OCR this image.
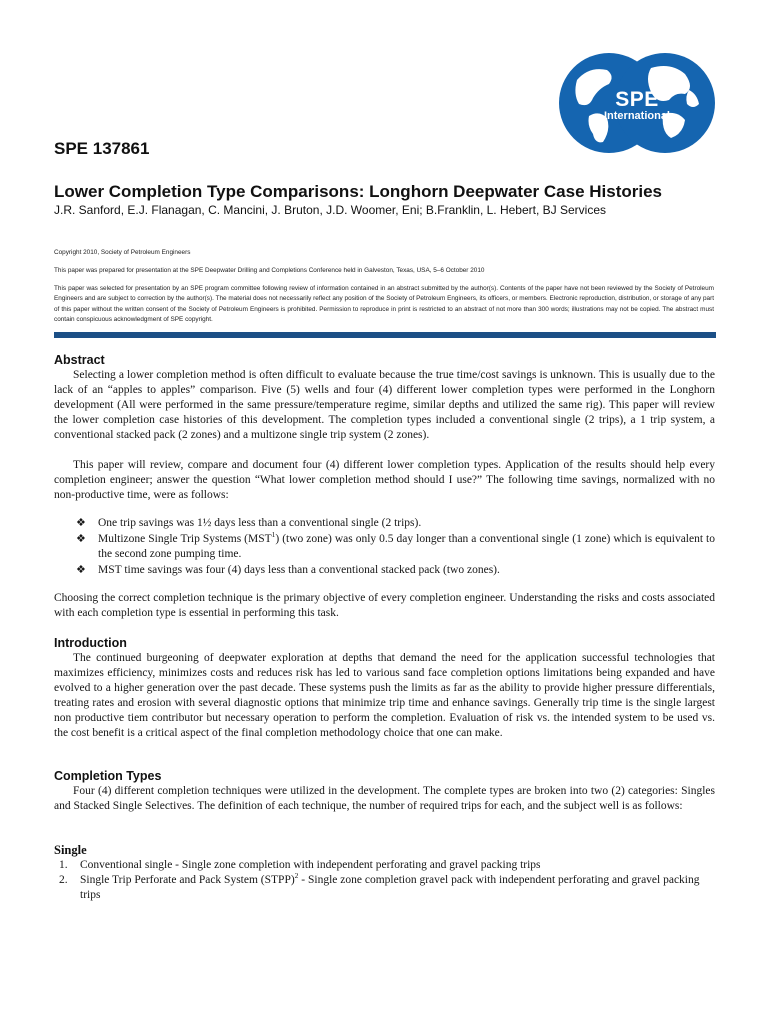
SPE
International
SPE 137861
Lower Completion Type Comparisons: Longhorn Deepwater Case Histories
J.R. Sanford, E.J. Flanagan, C. Mancini, J. Bruton, J.D. Woomer, Eni; B.Franklin, L. Hebert, BJ Services
Copyright 2010, Society of Petroleum Engineers
This paper was prepared for presentation at the SPE Deepwater Drilling and Completions Conference held in Galveston, Texas, USA, 5–6 October 2010
This paper was selected for presentation by an SPE program committee following review of information contained in an abstract submitted by the author(s). Contents of the paper have not been reviewed by the Society of Petroleum Engineers and are subject to correction by the author(s). The material does not necessarily reflect any position of the Society of Petroleum Engineers, its officers, or members. Electronic reproduction, distribution, or storage of any part of this paper without the written consent of the Society of Petroleum Engineers is prohibited. Permission to reproduce in print is restricted to an abstract of not more than 300 words; illustrations may not be copied. The abstract must contain conspicuous acknowledgment of SPE copyright.
Abstract
Selecting a lower completion method is often difficult to evaluate because the true time/cost savings is unknown. This is usually due to the lack of an “apples to apples” comparison. Five (5) wells and four (4) different lower completion types were performed in the Longhorn development (All were performed in the same pressure/temperature regime, similar depths and utilized the same rig). This paper will review the lower completion case histories of this development. The completion types included a conventional single (2 trips), a 1 trip system, a conventional stacked pack (2 zones) and a multizone single trip system (2 zones).
This paper will review, compare and document four (4) different lower completion types. Application of the results should help every completion engineer; answer the question “What lower completion method should I use?” The following time savings, normalized with no non-productive time, were as follows:
❖ One trip savings was 1½ days less than a conventional single (2 trips).
❖ Multizone Single Trip Systems (MST$^1$) (two zone) was only 0.5 day longer than a conventional single (1 zone) which is equivalent to the second zone pumping time.
❖ MST time savings was four (4) days less than a conventional stacked pack (two zones).
Choosing the correct completion technique is the primary objective of every completion engineer. Understanding the risks and costs associated with each completion type is essential in performing this task.
Introduction
The continued burgeoning of deepwater exploration at depths that demand the need for the application successful technologies that maximizes efficiency, minimizes costs and reduces risk has led to various sand face completion options limitations being expanded and have evolved to a higher generation over the past decade. These systems push the limits as far as the ability to provide higher pressure differentials, treating rates and erosion with several diagnostic options that minimize trip time and enhance savings. Generally trip time is the single largest non productive tiem contributor but necessary operation to perform the completion. Evaluation of risk vs. the intended system to be used vs. the cost benefit is a critical aspect of the final completion methodology choice that one can make.
Completion Types
Four (4) different completion techniques were utilized in the development. The complete types are broken into two (2) categories: Singles and Stacked Single Selectives. The definition of each technique, the number of required trips for each, and the subject well is as follows:
Single
1. Conventional single - Single zone completion with independent perforating and gravel packing trips
2. Single Trip Perforate and Pack System (STPP)$^2$ - Single zone completion gravel pack with independent perforating and gravel packing trips
